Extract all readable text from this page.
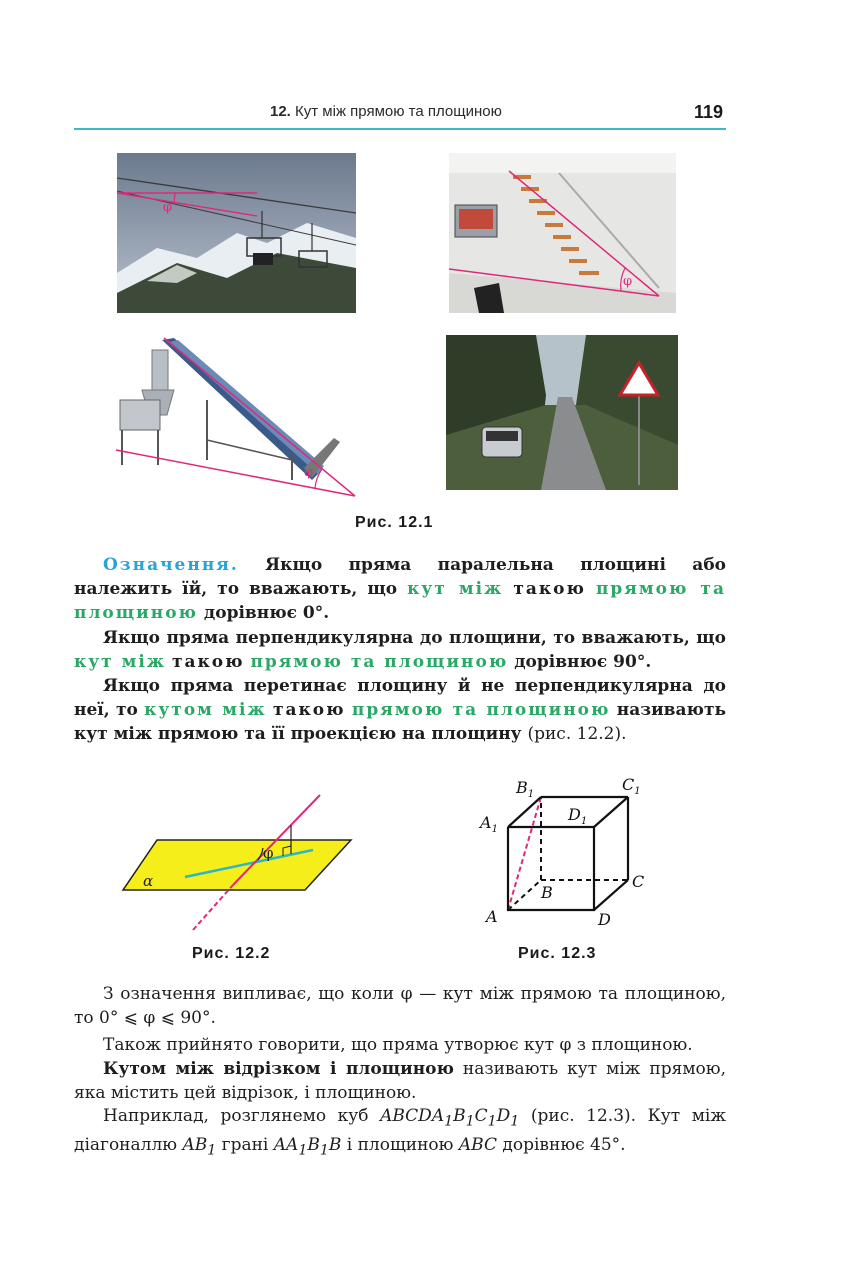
12. Кут між прямою та площиною	119
φ
φ
φ
Рис. 12.1
Означення. Якщо пряма паралельна площині або належить їй, то вважають, що кут між такою прямою та площиною дорівнює 0°.
Якщо пряма перпендикулярна до площини, то вважають, що кут між такою прямою та площиною дорівнює 90°.
Якщо пряма перетинає площину й не перпендикулярна до неї, то кутом між такою прямою та площиною називають кут між прямою та її проекцією на площину (рис. 12.2).
φ
α
Рис. 12.2
$B_1$
$C_1$
$A_1$
$D_1$
A
B
C
D
Рис. 12.3
З означення випливає, що коли φ — кут між прямою та площиною, то 0° ⩽ φ ⩽ 90°.
Також прийнято говорити, що пряма утворює кут φ з площиною.
Кутом між відрізком і площиною називають кут між прямою, яка містить цей відрізок, і площиною.
Наприклад, розглянемо куб $ABCDA_1B_1C_1D_1$ (рис. 12.3). Кут між діагоналлю $AB_1$ грані $AA_1B_1B$ і площиною ABC дорівнює 45°.
